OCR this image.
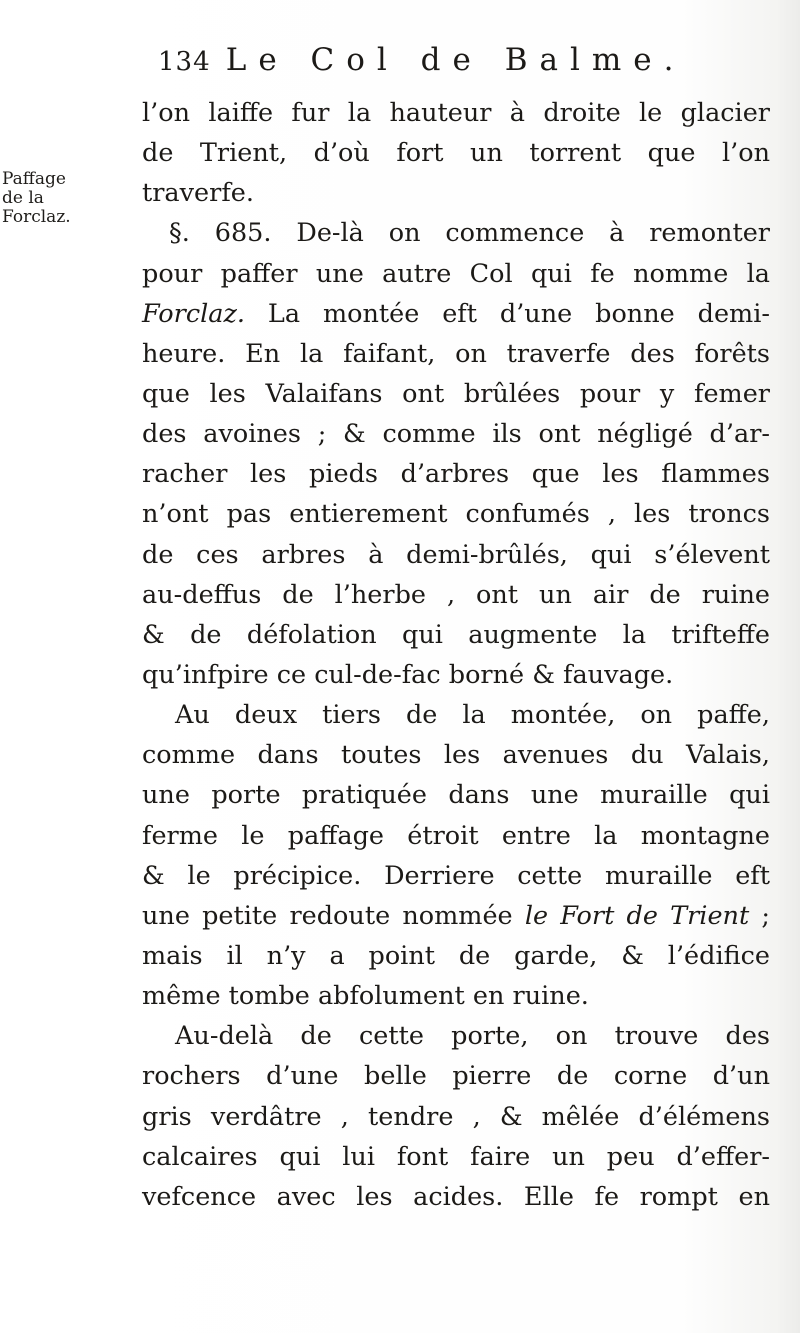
134 Le Col de Balme.
Paffage
de la
Forclaz.
l’on laiffe fur la hauteur à droite le glacier
de Trient, d’où fort un torrent que l’on
traverfe.
§. 685. De-là on commence à remonter
pour paffer une autre Col qui fe nomme la
Forclaz. La montée eft d’une bonne demi-
heure. En la faifant, on traverfe des forêts
que les Valaifans ont brûlées pour y femer
des avoines ; & comme ils ont négligé d’ar-
racher les pieds d’arbres que les flammes
n’ont pas entierement confumés , les troncs
de ces arbres à demi-brûlés, qui s’élevent
au-deffus de l’herbe , ont un air de ruine
& de défolation qui augmente la trifteffe
qu’infpire ce cul-de-fac borné & fauvage.
Au deux tiers de la montée, on paffe,
comme dans toutes les avenues du Valais,
une porte pratiquée dans une muraille qui
ferme le paffage étroit entre la montagne
& le précipice. Derriere cette muraille eft
une petite redoute nommée le Fort de Trient ;
mais il n’y a point de garde, & l’édifice
même tombe abfolument en ruine.
Au-delà de cette porte, on trouve des
rochers d’une belle pierre de corne d’un
gris verdâtre , tendre , & mêlée d’élémens
calcaires qui lui font faire un peu d’effer-
vefcence avec les acides. Elle fe rompt en
